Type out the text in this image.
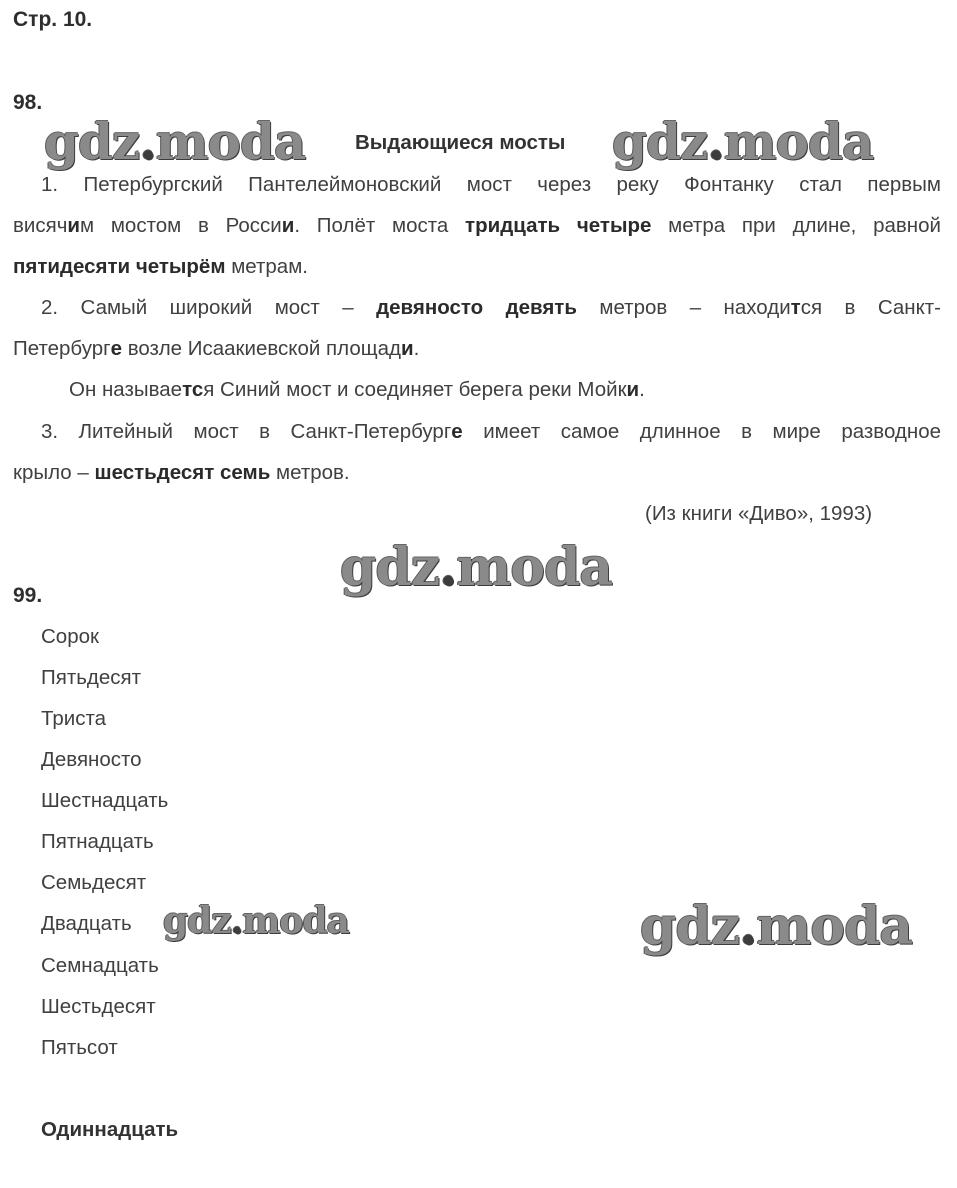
Стр. 10.
98.
gdz.moda Выдающиеся мосты gdz.moda
1. Петербургский Пантелеймоновский мост через реку Фонтанку стал первым
висячим мостом в России. Полёт моста тридцать четыре метра при длине, равной
пятидесяти четырём метрам.
2. Самый широкий мост – девяносто девять метров – находится в Санкт-
Петербурге возле Исаакиевской площади.
Он называется Синий мост и соединяет берега реки Мойки.
3. Литейный мост в Санкт-Петербурге имеет самое длинное в мире разводное
крыло – шестьдесят семь метров.
(Из книги «Диво», 1993)
gdz.moda
99.
Сорок
Пятьдесят
Триста
Девяносто
Шестнадцать
Пятнадцать
Семьдесят
Двадцать
Семнадцать
Шестьдесят
Пятьсот
gdz.moda	gdz.moda
Одиннадцать
